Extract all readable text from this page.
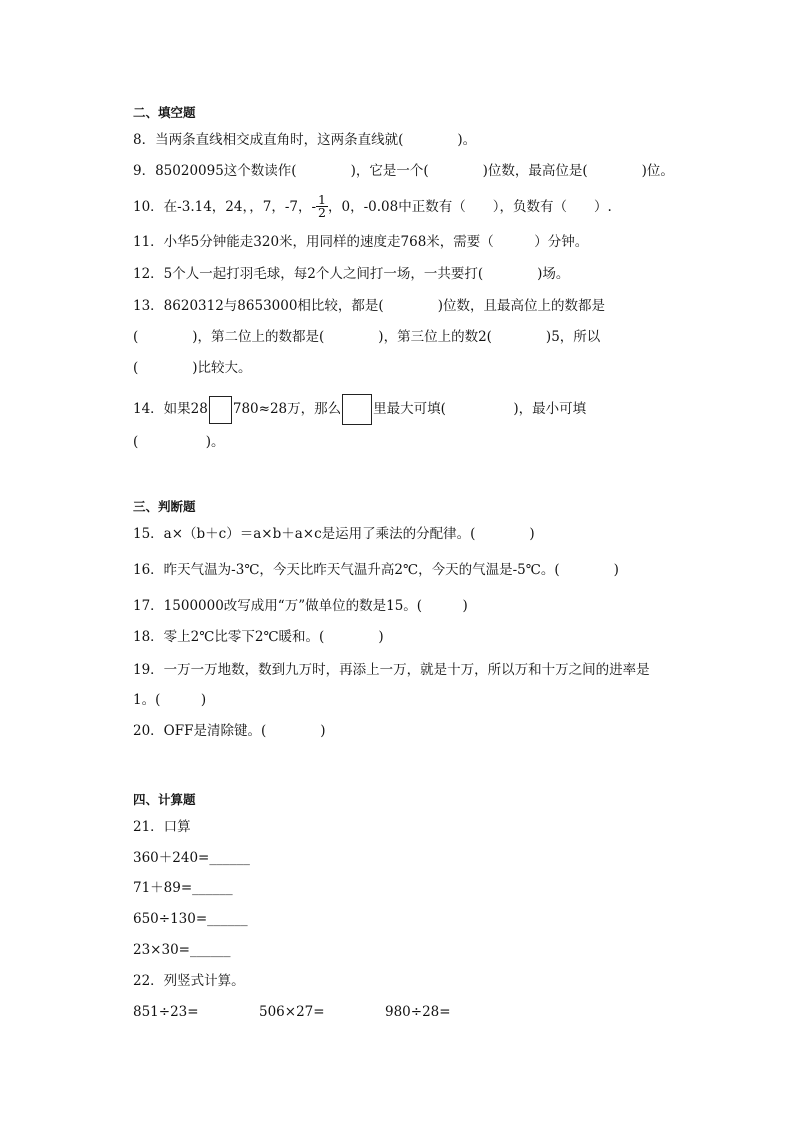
二、填空题
8．当两条直线相交成直角时，这两条直线就(　　　　)。
9．85020095这个数读作(　　　　)，它是一个(　　　　)位数，最高位是(　　　　)位。
10．在-3.14，24，，7，-7，- $\frac{1}{2}$ ，0，-0.08中正数有（　　），负数有（　　）.
11．小华5分钟能走320米，用同样的速度走768米，需要（　　　）分钟。
12．5个人一起打羽毛球，每2个人之间打一场，一共要打(　　　　)场。
13．8620312与8653000相比较，都是(　　　　)位数，且最高位上的数都是
(　　　　)，第二位上的数都是(　　　　)，第三位上的数2(　　　　)5，所以
(　　　　)比较大。
14．如果28 780≈28万，那么 里最大可填(　　　　　)，最小可填
(　　　　　)。
三、判断题
15．a×（b＋c）＝a×b＋a×c是运用了乘法的分配律。(　　　　)
16．昨天气温为-3℃，今天比昨天气温升高2℃，今天的气温是-5℃。(　　　　)
17．1500000改写成用“万”做单位的数是15。(　　　)
18．零上2℃比零下2℃暖和。(　　　　)
19．一万一万地数，数到九万时，再添上一万，就是十万，所以万和十万之间的进率是
1。(　　　)
20．OFF是清除键。(　　　　)
四、计算题
21．口算
360＋240=______
71＋89=______
650÷130=______
23×30=______
22．列竖式计算。
851÷23=	506×27=	980÷28=
